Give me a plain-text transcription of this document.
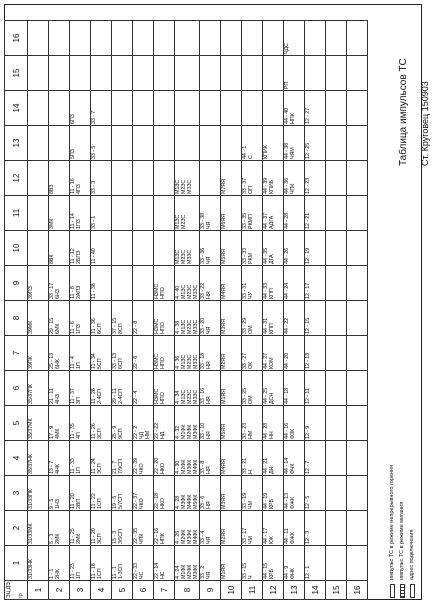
ЭЦ ДЭ гр	1	2	3	4	5	6	7	8	9	10	11	12	13	14	15	16
1	31/33НК	31/33МК	31/33ПК	35/37НК	35/37МК	35/37ПК	39ПК	39МК	39ПЗ							

2	1 - 1 2НК	5 - 3 2МК	9 - 5 1НЗ	13 - 7 4НК	17 - 9 4МК	21 - 11 4НЗ	25 - 13 6НК	29 - 15 6МК	33 - 17 6НЗ	8ВК	3МК	8ВЗ				

3	11 - 23 1П	11 - 25 2МК	11 - 20 2ВП	11 - 33 1П	11 - 35 4П	11 - 37 3П	11 - 4 1П	11 - 6 1ПЗ	11 - 8 2АПЗ	11 - 12 2БПЗ	11 - 14 1ПЗ	11 - 16 4ПЗ	5ПЗ	6ПЗ		

4	11 - 18 1СП	11 - 20 3СП	11 - 22 1СП	11 - 24 3СП	11 - 26 3СП	11 - 28 2-4СП	11 - 34 5СП	11 - 36 6СП	11 - 38	11 - 40	33 - 1	33 - 3	33 - 5	33 - 7		

5	11 - 1 1-3СП	15 - 3 3/5СП	19 - 5 5/7СП	21 - 7 7/9СП	25 - 9 9СП	29 - 11 2-4СП	33 - 13 6СП	37 - 15 8СП								

6	22 - 33 ЧС	22 - 35 ЧПК	22 - 37 ЧКО	22 - 39 ЧКО	22 - 2 ЧД НМ	22 - 4	22 - 6	22 - 8								

7	22 - 14 НС	22 - 16 НПК	22 - 18 НКО	22 - 20 НКО	22 - 22 НД	НЗМС НПО	НЗМС НПО	НЗМС НПО	НЗМС НПО							

8	4 - 24 М1ФК М2ФК М3ФК	4 - 26 М2ФК М3ФК М4ФК	4 - 28 М3ФК М4ФК М5ФК	4 - 30 М2ФК М3ФК М4ФК	4 - 32 М1ФК М2ФК М3ФК	4 - 34 М1ЗС М2ЗС М3ЗС	4 - 36 М1ЗС М2ЗС М3ЗС	4 - 38 М1ЗС М2ЗС М3ЗС	4 - 40 М1ЗС М2ЗС М3ЗС	М1ЗС М2ЗС М3ЗС	М1ЗС М2ЗС	М1ЗС М2ЗС М3ЗС				

9	33 - 2 ЧЯ	33 - 4 ЧЯ	33 - 6 НЯ	33 - 8 НЯ	33 - 10 НЯ	33 - 16 НЯ	33 - 18 НЯ	33 - 20 ЧЯ	33 - 22 НЯ	33 - 36 ЧЯ	33 - 38 ЧЯ					

10	М1ЯЯ	М2ЯЯ	М3ЯЯ	М4ЯЯ	М5ЯЯ	М1ЯЯ	М2ЯЯ	М3ЯЯ	М4ЯЯ	М5ЯЯ	М6ЯЯ	М7ЯЯ				

11	33 - 15 Ч	33 - 17 ЧМ	33 - 19 ЧМ	33 - 21 Н	33 - 23 НМ	33 - 25 ОМ	33 - 27 ОК	33 - 29 ОМ	33 - 31 ЧУ	33 - 33 РКМ	33 - 35 РКМП	33 - 37 ОП	44 - 1 С			

12	44 - 15 КРБ	44 - 17 КЖ	44 - 19 КРБ	44 - 21 ДН	44 - 23 НН	44 - 25 ДСН	44 - 27 КОМ	44 - 31 КПП	44 - 33 КПП	44 - 35 ДГА	44 - 37 АДГА	44 - 39 КПИБ	КПИК			

13	44 - 9 ФНК	44 - 11 ФЖК	44 - 13 ФЖК	44 - 14 ФЧК	44 - 16 ФЗК	44 - 18	44 - 20	44 - 22	44 - 24	44 - 26	44 - 28	44 - 36 ЧПК	44 - 38 ЧЯМ	44 - 40 НПК	РП	ЧДС

14	12 - 1	12 - 3	12 - 5	12 - 7	12 - 9	12 - 11	12 - 13	12 - 15	12 - 17	12 - 19	12 - 21	12 - 23	12 - 25	12 - 27		

15																
16																
импульс ТС в режиме непрерывного горения импульс ТС в режиме мигания адрес подключения
Таблица импульсов ТС Ст. Круговец 150903
